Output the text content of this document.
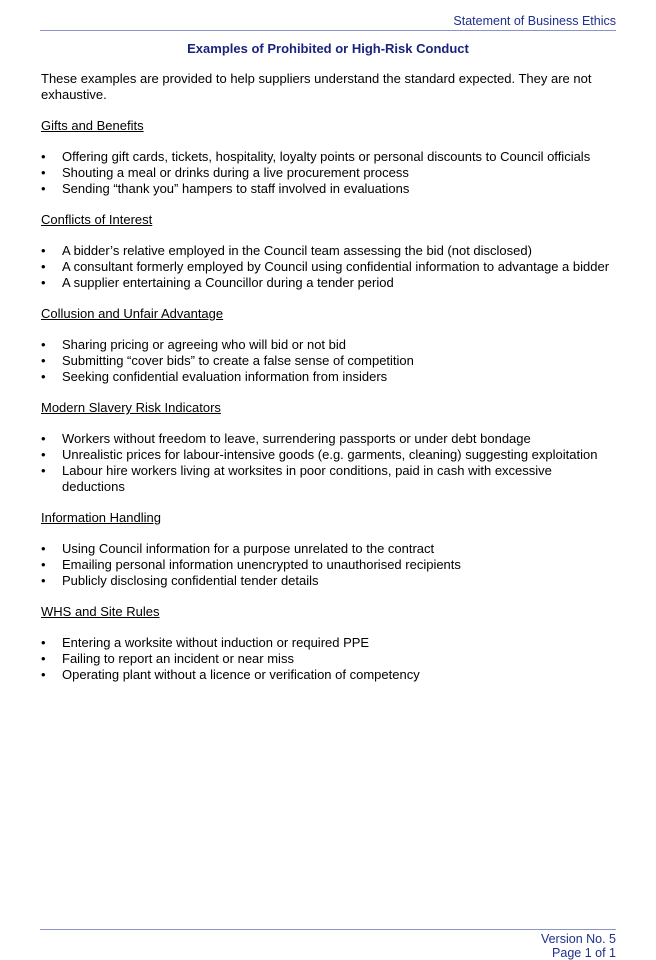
Statement of Business Ethics
Examples of Prohibited or High-Risk Conduct

These examples are provided to help suppliers understand the standard expected. They are not exhaustive.

Gifts and Benefits

• Offering gift cards, tickets, hospitality, loyalty points or personal discounts to Council officials
• Shouting a meal or drinks during a live procurement process
• Sending “thank you” hampers to staff involved in evaluations

Conflicts of Interest

• A bidder’s relative employed in the Council team assessing the bid (not disclosed)
• A consultant formerly employed by Council using confidential information to advantage a bidder
• A supplier entertaining a Councillor during a tender period

Collusion and Unfair Advantage

• Sharing pricing or agreeing who will bid or not bid
• Submitting “cover bids” to create a false sense of competition
• Seeking confidential evaluation information from insiders

Modern Slavery Risk Indicators

• Workers without freedom to leave, surrendering passports or under debt bondage
• Unrealistic prices for labour-intensive goods (e.g. garments, cleaning) suggesting exploitation
• Labour hire workers living at worksites in poor conditions, paid in cash with excessive deductions

Information Handling

• Using Council information for a purpose unrelated to the contract
• Emailing personal information unencrypted to unauthorised recipients
• Publicly disclosing confidential tender details

WHS and Site Rules

• Entering a worksite without induction or required PPE
• Failing to report an incident or near miss
• Operating plant without a licence or verification of competency
Version No. 5
Page 1 of 1
